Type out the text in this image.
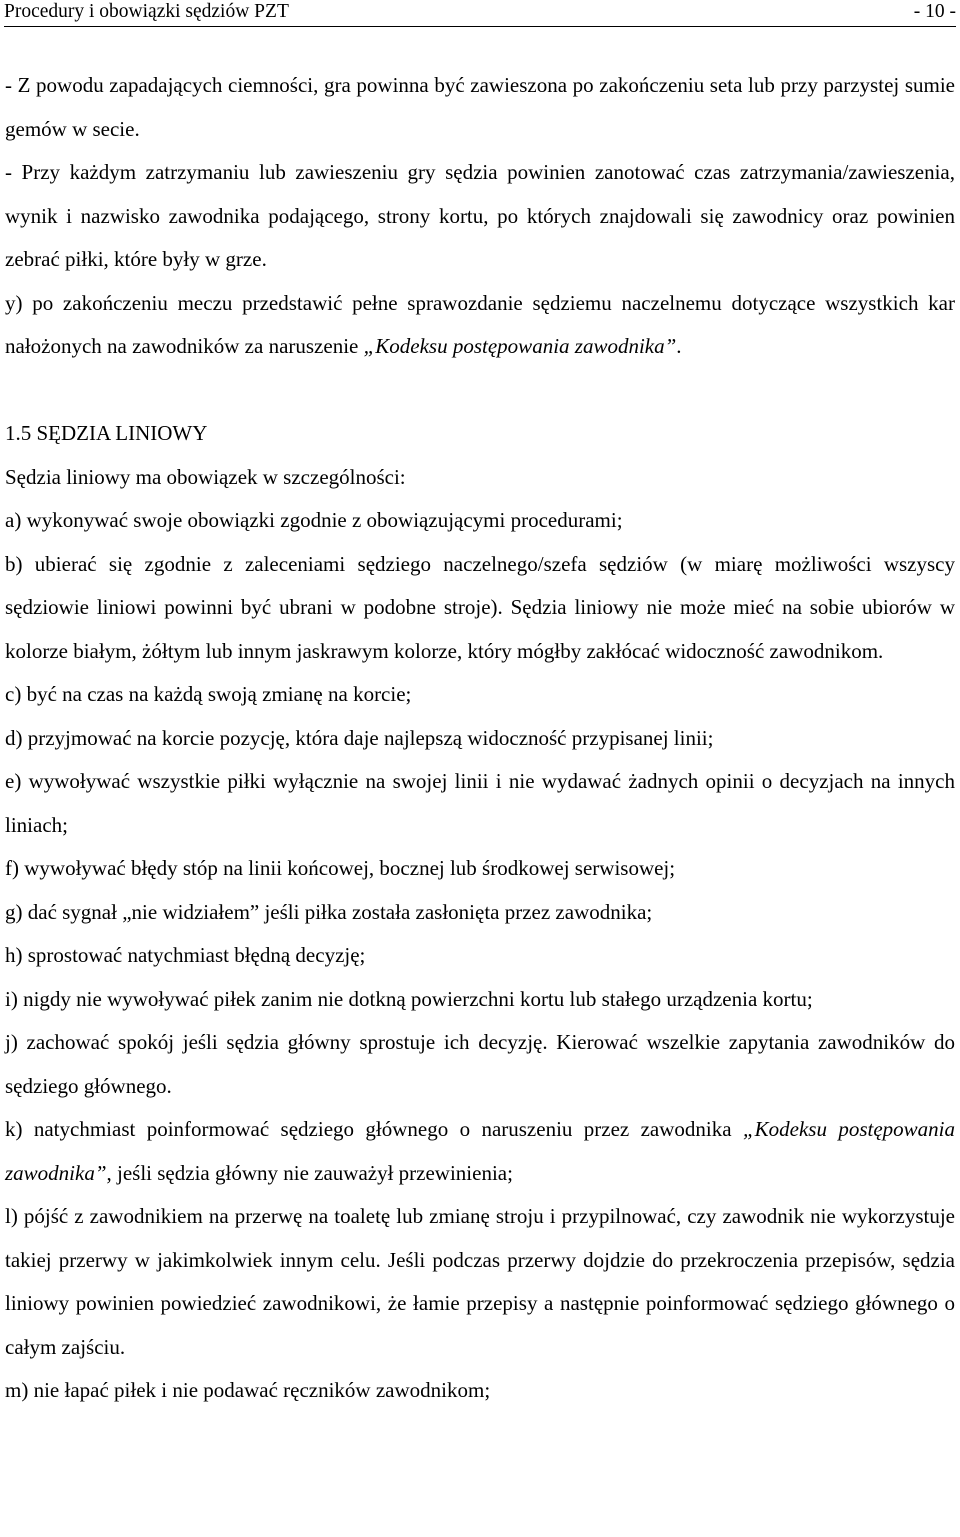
Procedury i obowiązki sędziów PZT	- 10 -

- Z powodu zapadających ciemności, gra powinna być zawieszona po zakończeniu seta lub przy parzystej sumie gemów w secie.

- Przy każdym zatrzymaniu lub zawieszeniu gry sędzia powinien zanotować czas zatrzymania/zawieszenia, wynik i nazwisko zawodnika podającego, strony kortu, po których znajdowali się zawodnicy oraz powinien zebrać piłki, które były w grze.

y) po zakończeniu meczu przedstawić pełne sprawozdanie sędziemu naczelnemu dotyczące wszystkich kar nałożonych na zawodników za naruszenie „Kodeksu postępowania zawodnika”.

1.5 SĘDZIA LINIOWY

Sędzia liniowy ma obowiązek w szczególności:

a) wykonywać swoje obowiązki zgodnie z obowiązującymi procedurami;

b) ubierać się zgodnie z zaleceniami sędziego naczelnego/szefa sędziów (w miarę możliwości wszyscy sędziowie liniowi powinni być ubrani w podobne stroje). Sędzia liniowy nie może mieć na sobie ubiorów w kolorze białym, żółtym lub innym jaskrawym kolorze, który mógłby zakłócać widoczność zawodnikom.

c) być na czas na każdą swoją zmianę na korcie;

d) przyjmować na korcie pozycję, która daje najlepszą widoczność przypisanej linii;

e) wywoływać wszystkie piłki wyłącznie na swojej linii i nie wydawać żadnych opinii o decyzjach na innych liniach;

f) wywoływać błędy stóp na linii końcowej, bocznej lub środkowej serwisowej;

g) dać sygnał „nie widziałem” jeśli piłka została zasłonięta przez zawodnika;

h) sprostować natychmiast błędną decyzję;

i) nigdy nie wywoływać piłek zanim nie dotkną powierzchni kortu lub stałego urządzenia kortu;

j) zachować spokój jeśli sędzia główny sprostuje ich decyzję. Kierować wszelkie zapytania zawodników do sędziego głównego.

k) natychmiast poinformować sędziego głównego o naruszeniu przez zawodnika „Kodeksu postępowania zawodnika”, jeśli sędzia główny nie zauważył przewinienia;

l) pójść z zawodnikiem na przerwę na toaletę lub zmianę stroju i przypilnować, czy zawodnik nie wykorzystuje takiej przerwy w jakimkolwiek innym celu. Jeśli podczas przerwy dojdzie do przekroczenia przepisów, sędzia liniowy powinien powiedzieć zawodnikowi, że łamie przepisy a następnie poinformować sędziego głównego o całym zajściu.

m) nie łapać piłek i nie podawać ręczników zawodnikom;
